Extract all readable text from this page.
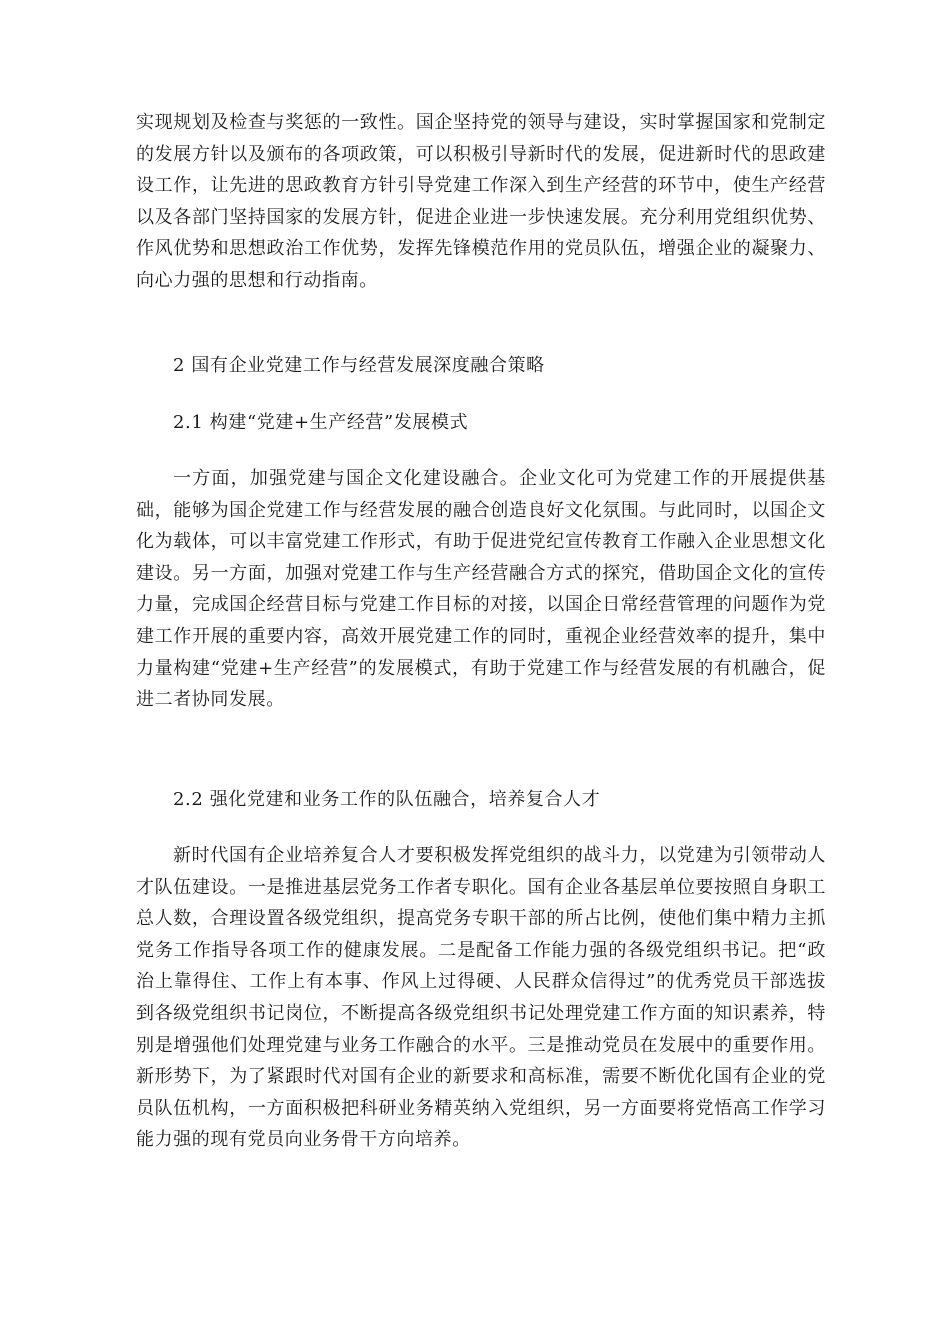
实现规划及检查与奖惩的一致性。国企坚持党的领导与建设，实时掌握国家和党制定的发展方针以及颁布的各项政策，可以积极引导新时代的发展，促进新时代的思政建设工作，让先进的思政教育方针引导党建工作深入到生产经营的环节中，使生产经营以及各部门坚持国家的发展方针，促进企业进一步快速发展。充分利用党组织优势、作风优势和思想政治工作优势，发挥先锋模范作用的党员队伍，增强企业的凝聚力、向心力强的思想和行动指南。

2 国有企业党建工作与经营发展深度融合策略
2.1 构建“党建+生产经营”发展模式

一方面，加强党建与国企文化建设融合。企业文化可为党建工作的开展提供基础，能够为国企党建工作与经营发展的融合创造良好文化氛围。与此同时，以国企文化为载体，可以丰富党建工作形式，有助于促进党纪宣传教育工作融入企业思想文化建设。另一方面，加强对党建工作与生产经营融合方式的探究，借助国企文化的宣传力量，完成国企经营目标与党建工作目标的对接，以国企日常经营管理的问题作为党建工作开展的重要内容，高效开展党建工作的同时，重视企业经营效率的提升，集中力量构建“党建+生产经营”的发展模式，有助于党建工作与经营发展的有机融合，促进二者协同发展。

2.2 强化党建和业务工作的队伍融合，培养复合人才

新时代国有企业培养复合人才要积极发挥党组织的战斗力，以党建为引领带动人才队伍建设。一是推进基层党务工作者专职化。国有企业各基层单位要按照自身职工总人数，合理设置各级党组织，提高党务专职干部的所占比例，使他们集中精力主抓党务工作指导各项工作的健康发展。二是配备工作能力强的各级党组织书记。把“政治上靠得住、工作上有本事、作风上过得硬、人民群众信得过”的优秀党员干部选拔到各级党组织书记岗位，不断提高各级党组织书记处理党建工作方面的知识素养，特别是增强他们处理党建与业务工作融合的水平。三是推动党员在发展中的重要作用。新形势下，为了紧跟时代对国有企业的新要求和高标准，需要不断优化国有企业的党员队伍机构，一方面积极把科研业务精英纳入党组织，另一方面要将党悟高工作学习能力强的现有党员向业务骨干方向培养。
